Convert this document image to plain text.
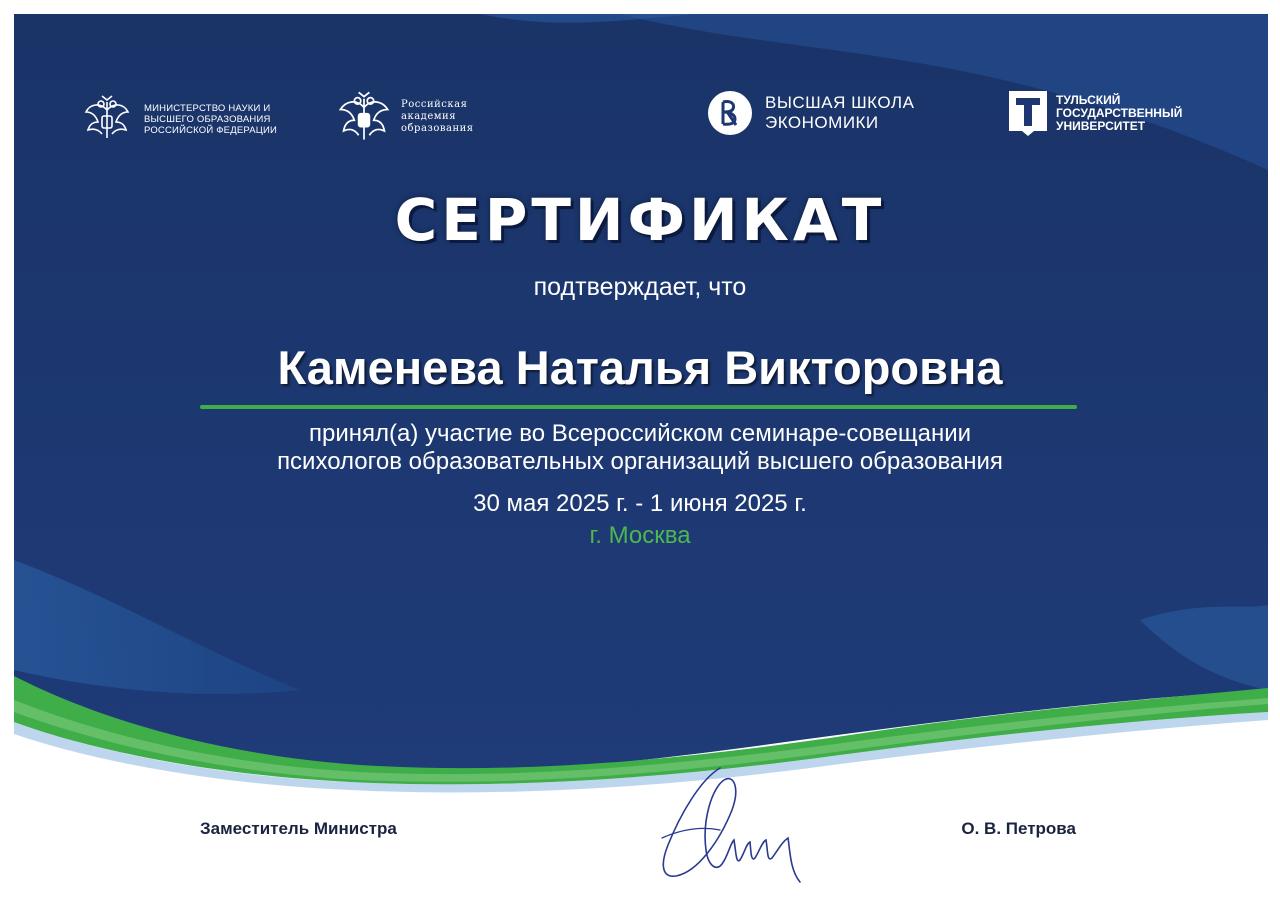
МИНИСТЕРСТВО НАУКИ И ВЫСШЕГО ОБРАЗОВАНИЯ РОССИЙСКОЙ ФЕДЕРАЦИИ
Российская академия образования
ВЫСШАЯ ШКОЛА ЭКОНОМИКИ
ТУЛЬСКИЙ ГОСУДАРСТВЕННЫЙ УНИВЕРСИТЕТ
СЕРТИФИКАТ
подтверждает, что
Каменева Наталья Викторовна
принял(а) участие во Всероссийском семинаре-совещании
психологов образовательных организаций высшего образования
30 мая 2025 г. - 1 июня 2025 г.
г. Москва
Заместитель Министра	О. В. Петрова
